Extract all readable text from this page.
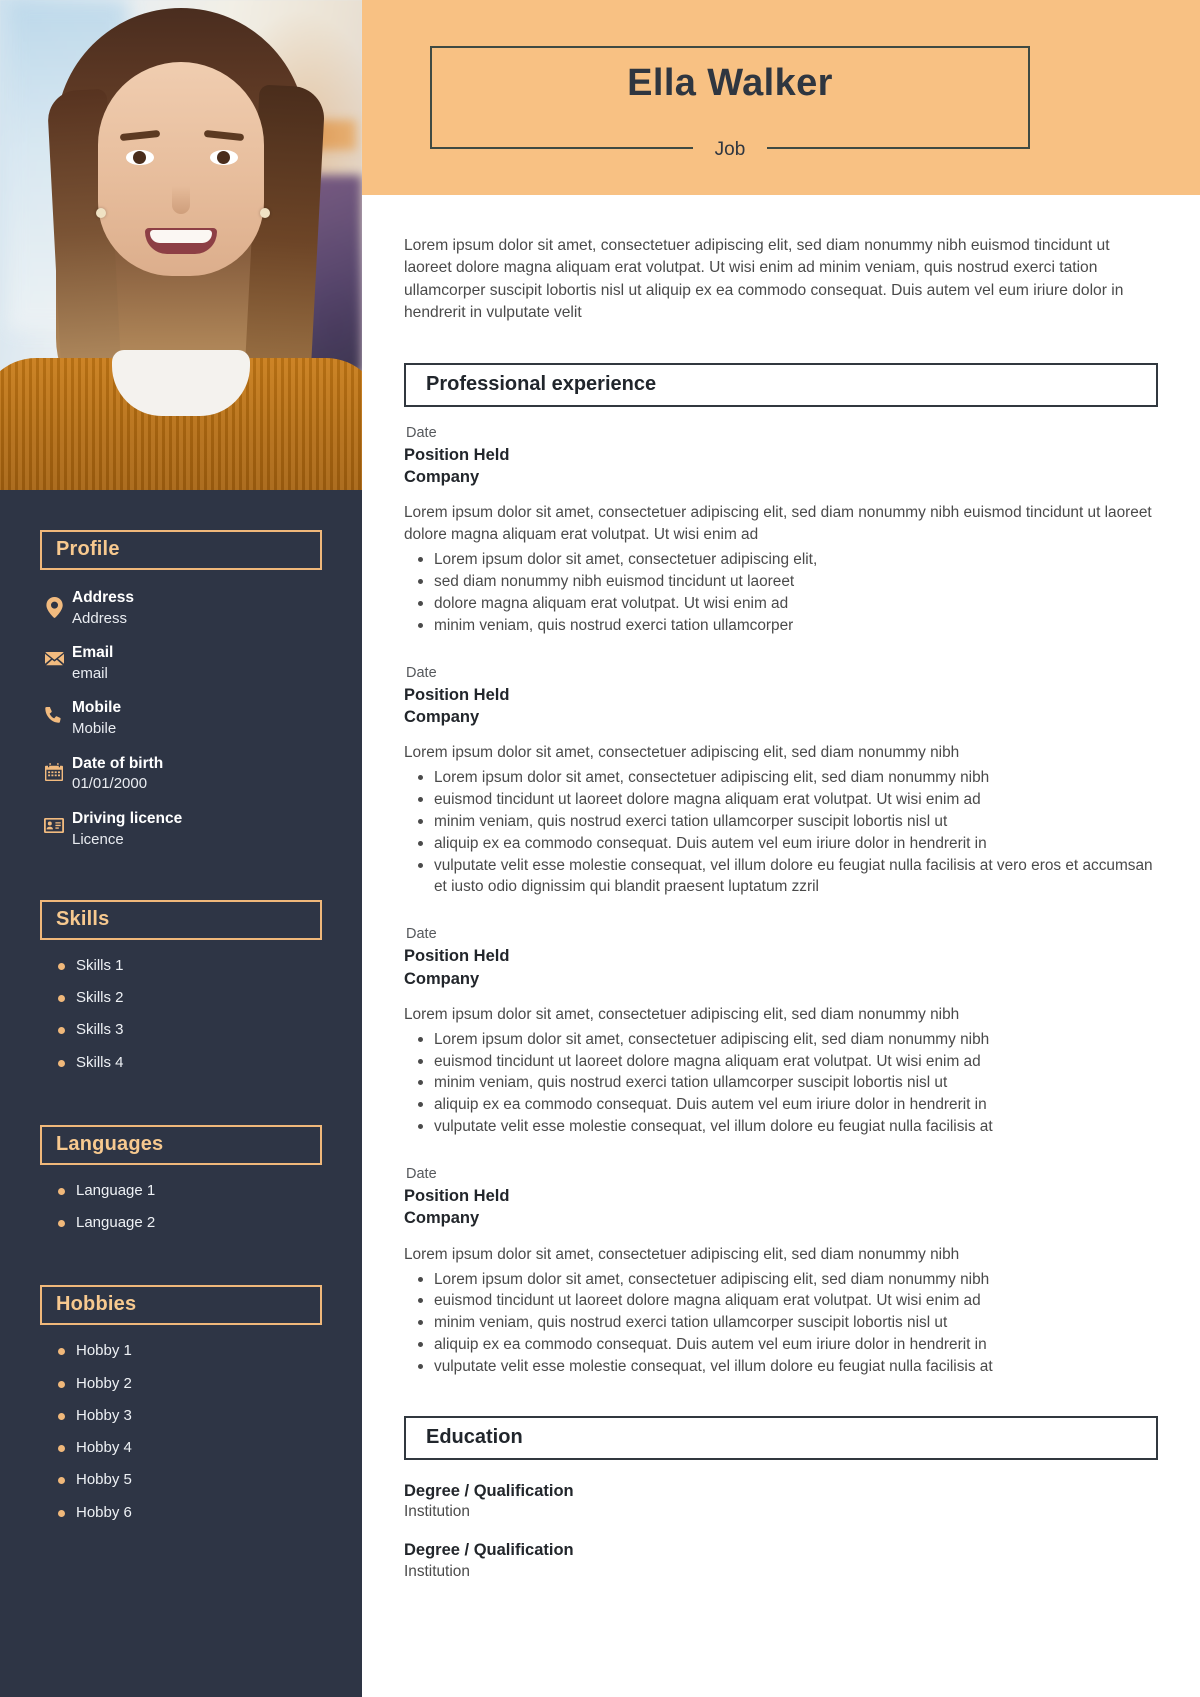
Profile
Address
Address
Email
email
Mobile
Mobile
Date of birth
01/01/2000
Driving licence
Licence
Skills
Skills 1
Skills 2
Skills 3
Skills 4
Languages
Language 1
Language 2
Hobbies
Hobby 1
Hobby 2
Hobby 3
Hobby 4
Hobby 5
Hobby 6
Ella Walker
Job

Lorem ipsum dolor sit amet, consectetuer adipiscing elit, sed diam nonummy nibh euismod tincidunt ut laoreet dolore magna aliquam erat volutpat. Ut wisi enim ad minim veniam, quis nostrud exerci tation ullamcorper suscipit lobortis nisl ut aliquip ex ea commodo consequat. Duis autem vel eum iriure dolor in hendrerit in vulputate velit

Professional experience
Date
Position Held
Company
Lorem ipsum dolor sit amet, consectetuer adipiscing elit, sed diam nonummy nibh euismod tincidunt ut laoreet dolore magna aliquam erat volutpat. Ut wisi enim ad
Lorem ipsum dolor sit amet, consectetuer adipiscing elit,
sed diam nonummy nibh euismod tincidunt ut laoreet
dolore magna aliquam erat volutpat. Ut wisi enim ad
minim veniam, quis nostrud exerci tation ullamcorper
Date
Position Held
Company
Lorem ipsum dolor sit amet, consectetuer adipiscing elit, sed diam nonummy nibh
Lorem ipsum dolor sit amet, consectetuer adipiscing elit, sed diam nonummy nibh
euismod tincidunt ut laoreet dolore magna aliquam erat volutpat. Ut wisi enim ad
minim veniam, quis nostrud exerci tation ullamcorper suscipit lobortis nisl ut
aliquip ex ea commodo consequat. Duis autem vel eum iriure dolor in hendrerit in
vulputate velit esse molestie consequat, vel illum dolore eu feugiat nulla facilisis at vero eros et accumsan et iusto odio dignissim qui blandit praesent luptatum zzril
Date
Position Held
Company
Lorem ipsum dolor sit amet, consectetuer adipiscing elit, sed diam nonummy nibh
Lorem ipsum dolor sit amet, consectetuer adipiscing elit, sed diam nonummy nibh
euismod tincidunt ut laoreet dolore magna aliquam erat volutpat. Ut wisi enim ad
minim veniam, quis nostrud exerci tation ullamcorper suscipit lobortis nisl ut
aliquip ex ea commodo consequat. Duis autem vel eum iriure dolor in hendrerit in
vulputate velit esse molestie consequat, vel illum dolore eu feugiat nulla facilisis at
Date
Position Held
Company
Lorem ipsum dolor sit amet, consectetuer adipiscing elit, sed diam nonummy nibh
Lorem ipsum dolor sit amet, consectetuer adipiscing elit, sed diam nonummy nibh
euismod tincidunt ut laoreet dolore magna aliquam erat volutpat. Ut wisi enim ad
minim veniam, quis nostrud exerci tation ullamcorper suscipit lobortis nisl ut
aliquip ex ea commodo consequat. Duis autem vel eum iriure dolor in hendrerit in
vulputate velit esse molestie consequat, vel illum dolore eu feugiat nulla facilisis at
Education
Degree / Qualification
Institution
Degree / Qualification
Institution
